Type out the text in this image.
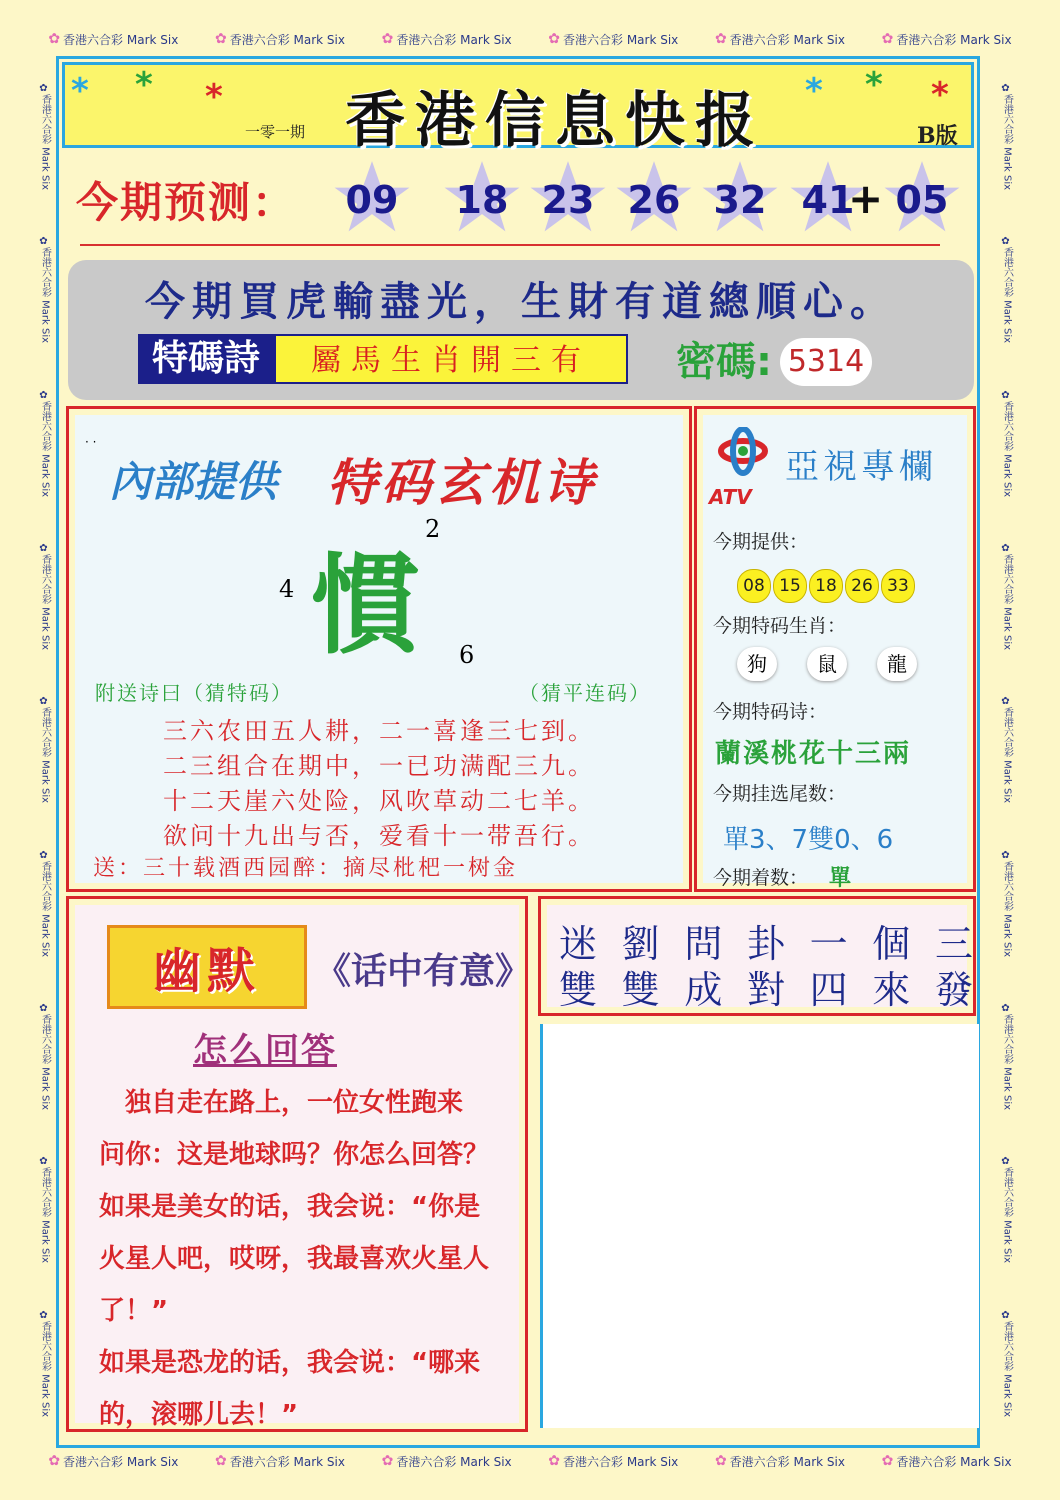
✿ 香港六合彩 Mark Six	✿ 香港六合彩 Mark Six	✿ 香港六合彩 Mark Six	✿ 香港六合彩 Mark Six	✿ 香港六合彩 Mark Six	✿ 香港六合彩 Mark Six
✿ 香港六合彩 Mark Six	✿ 香港六合彩 Mark Six	✿ 香港六合彩 Mark Six	✿ 香港六合彩 Mark Six	✿ 香港六合彩 Mark Six	✿ 香港六合彩 Mark Six
✿
香港六合彩 Mark Six
✿
香港六合彩 Mark Six
✿
香港六合彩 Mark Six
✿
香港六合彩 Mark Six
✿
香港六合彩 Mark Six
✿
香港六合彩 Mark Six
✿
香港六合彩 Mark Six
✿
香港六合彩 Mark Six
✿
香港六合彩 Mark Six
✿
香港六合彩 Mark Six
✿
香港六合彩 Mark Six
✿
香港六合彩 Mark Six
✿
香港六合彩 Mark Six
✿
香港六合彩 Mark Six
✿
香港六合彩 Mark Six
✿
香港六合彩 Mark Six
✿
香港六合彩 Mark Six
✿
香港六合彩 Mark Six
* * *	香港信息快报
一零一期
* * *
B版
今期预测：	09	18 23 26 32 41
+ 05
今期買虎輸盡光，生財有道總順心。
特碼詩	屬馬生肖開三有	密碼: 5314
· ·
內部提供 特码玄机诗
慣
2
4
6
附送诗曰（猜特码）	（猜平连码）
三六农田五人耕，二一喜逢三七到。
二三组合在期中，一已功满配三九。
十二天崖六处险，风吹草动二七羊。
欲问十九出与否，爱看十一带吾行。
送：三十载酒西园醉：摘尽枇杷一树金
ATV
亞視專欄
今期提供：
08 15 18 26 33
今期特码生肖：
狗	鼠	龍
今期特码诗：
蘭溪桃花十三兩
今期挂选尾数：
單3、7雙0、6
今期着数： 單
幽默	《话中有意》
怎么回答
　独自走在路上，一位女性跑来
问你：这是地球吗？你怎么回答？
如果是美女的话，我会说：“你是
火星人吧，哎呀，我最喜欢火星人
了！”
如果是恐龙的话，我会说：“哪来
的，滚哪儿去！”
迷 劉 問 卦 一 個 三
雙 雙 成 對 四 來 發
